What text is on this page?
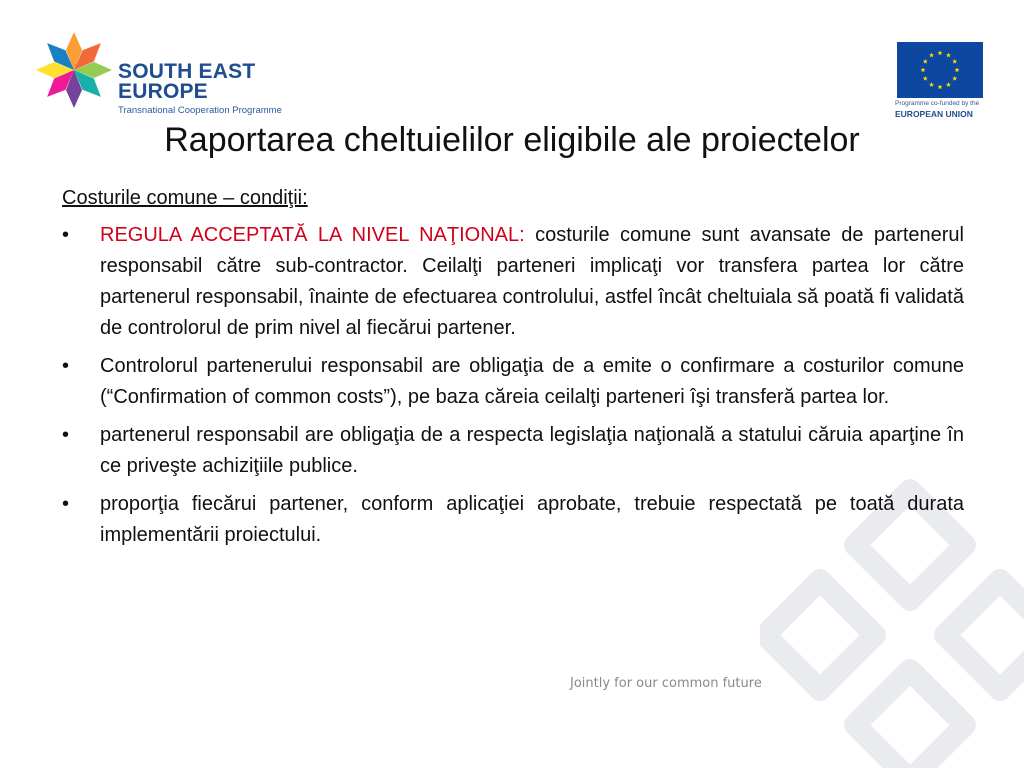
SOUTH EAST
EUROPE
Transnational Cooperation Programme
Programme co-funded by the
EUROPEAN UNION
Raportarea cheltuielilor eligibile ale proiectelor

Costurile comune – condiţii:

• REGULA ACCEPTATĂ LA NIVEL NAŢIONAL: costurile comune sunt avansate de partenerul responsabil către sub-contractor. Ceilalţi parteneri implicaţi vor transfera partea lor către partenerul responsabil, înainte de efectuarea controlului, astfel încât cheltuiala să poată fi validată de controlorul de prim nivel al fiecărui partener.
• Controlorul partenerului responsabil are obligaţia de a emite o confirmare a costurilor comune (“Confirmation of common costs”), pe baza căreia ceilalţi parteneri îşi transferă partea lor.
• partenerul responsabil are obligaţia de a respecta legislaţia naţională a statului căruia aparţine în ce priveşte achiziţiile publice.
• proporţia fiecărui partener, conform aplicaţiei aprobate, trebuie respectată pe toată durata implementării proiectului.
Jointly for our common future
